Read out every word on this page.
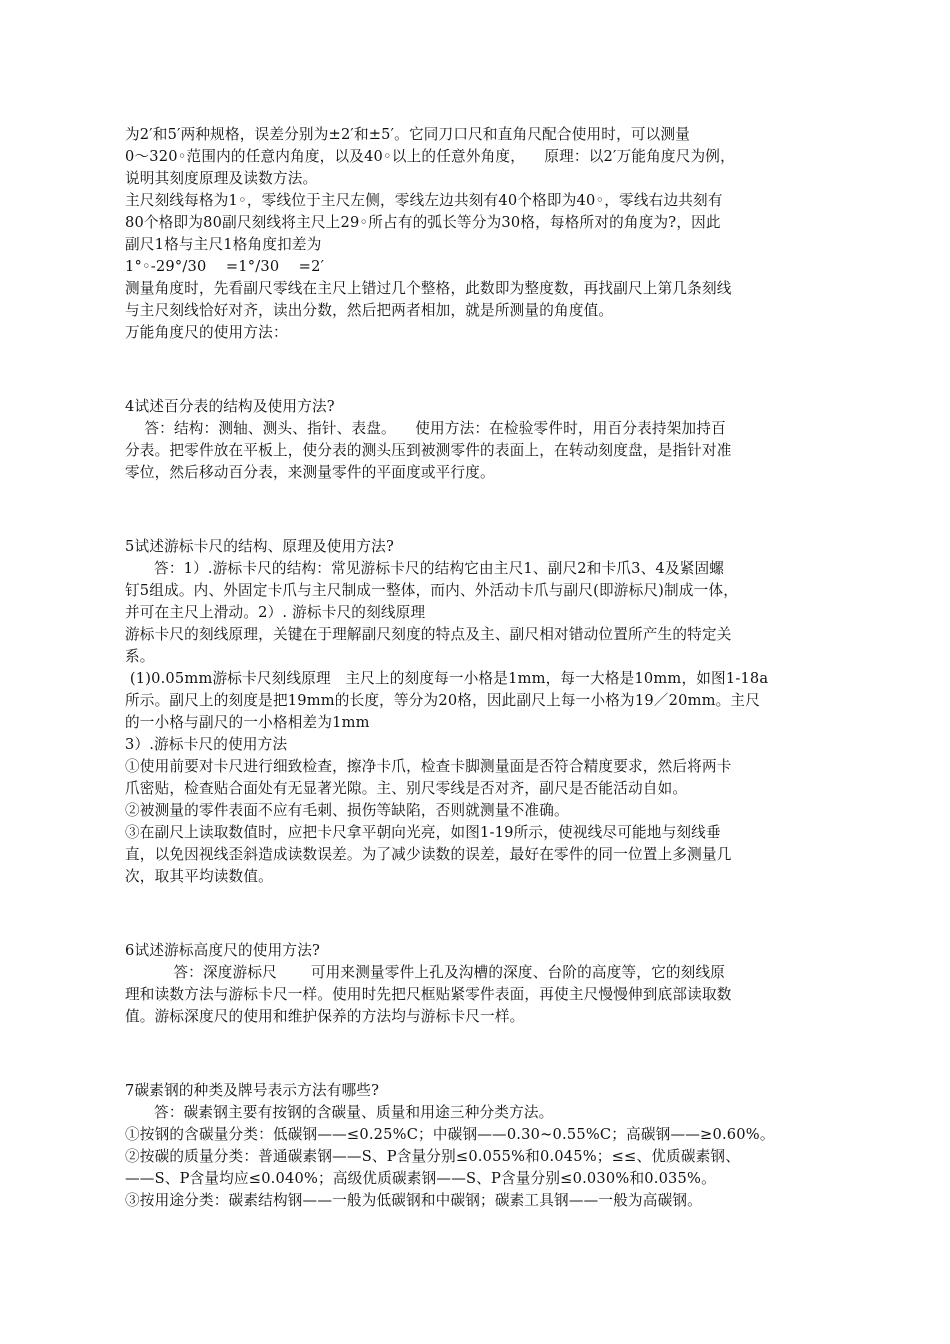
为2′和5′两种规格，误差分别为±2′和±5′。它同刀口尺和直角尺配合使用时，可以测量
0～320◦范围内的任意内角度，以及40◦以上的任意外角度，    原理：以2′万能角度尺为例，
说明其刻度原理及读数方法。
主尺刻线每格为1◦，零线位于主尺左侧，零线左边共刻有40个格即为40◦，零线右边共刻有
80个格即为80副尺刻线将主尺上29◦所占有的弧长等分为30格，每格所对的角度为?，因此
副尺1格与主尺1格角度扣差为
1°◦-29°/30    =1°/30    =2′
测量角度时，先看副尺零线在主尺上错过几个整格，此数即为整度数，再找副尺上第几条刻线
与主尺刻线恰好对齐，读出分数，然后把两者相加，就是所测量的角度值。
万能角度尺的使用方法：
4试述百分表的结构及使用方法?
答：结构：测轴、测头、指针、表盘。    使用方法：在检验零件时，用百分表持架加持百
分表。把零件放在平板上，使分表的测头压到被测零件的表面上，在转动刻度盘，是指针对准
零位，然后移动百分表，来测量零件的平面度或平行度。
5试述游标卡尺的结构、原理及使用方法?
答：1）.游标卡尺的结构：常见游标卡尺的结构它由主尺1、副尺2和卡爪3、4及紧固螺
钉5组成。内、外固定卡爪与主尺制成一整体，而内、外活动卡爪与副尺(即游标尺)制成一体，
并可在主尺上滑动。2）. 游标卡尺的刻线原理
游标卡尺的刻线原理，关键在于理解副尺刻度的特点及主、副尺相对错动位置所产生的特定关
系。
(1)0.05mm游标卡尺刻线原理   主尺上的刻度每一小格是1mm，每一大格是10mm，如图1-18a
所示。副尺上的刻度是把19mm的长度，等分为20格，因此副尺上每一小格为19／20mm。主尺
的一小格与副尺的一小格相差为1mm
3）.游标卡尺的使用方法
①使用前要对卡尺进行细致检查，擦净卡爪，检查卡脚测量面是否符合精度要求，然后将两卡
爪密贴，检查贴合面处有无显著光隙。主、别尺零线是否对齐，副尺是否能活动自如。
②被测量的零件表面不应有毛刺、损伤等缺陷，否则就测量不准确。
③在副尺上读取数值时，应把卡尺拿平朝向光亮，如图1-19所示，使视线尽可能地与刻线垂
直，以免因视线歪斜造成读数误差。为了减少读数的误差，最好在零件的同一位置上多测量几
次，取其平均读数值。
6试述游标高度尺的使用方法?
答：深度游标尺       可用来测量零件上孔及沟槽的深度、台阶的高度等，它的刻线原
理和读数方法与游标卡尺一样。使用时先把尺框贴紧零件表面，再使主尺慢慢伸到底部读取数
值。游标深度尺的使用和维护保养的方法均与游标卡尺一样。
7碳素钢的种类及牌号表示方法有哪些?
答：碳素钢主要有按钢的含碳量、质量和用途三种分类方法。
①按钢的含碳量分类：低碳钢——≤0.25%C；中碳钢——0.30~0.55%C；高碳钢——≥0.60%。
②按碳的质量分类：普通碳素钢——S、P含量分别≤0.055%和0.045%；≤≤、优质碳素钢、
——S、P含量均应≤0.040%；高级优质碳素钢——S、P含量分别≤0.030%和0.035%。
③按用途分类：碳素结构钢——一般为低碳钢和中碳钢；碳素工具钢——一般为高碳钢。
